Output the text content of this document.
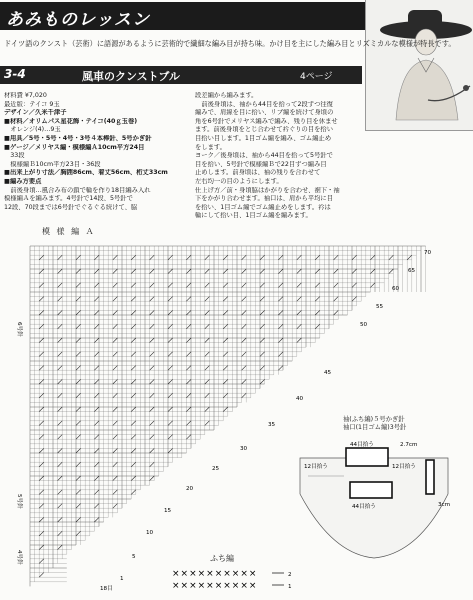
あみものレッスン
ドイツ語のクンスト（芸術）に語源があるように芸術的で繊細な編み目が持ち味。かけ目を主にした編み目とリズミカルな模様が特長です。
3-4	風車のクンストブル	4ページ
材料費 ¥7,020
最近版：テイコ 9玉
デザイン／久米千津子
■材料／オリムパス星花飾・テイコ(40ｇ玉巻)
　オレンジ(4)…9玉
■用具／5号・5号・4号・3号４本棒針、5号かぎ針
■ゲージ／メリヤス編・模様編Ａ10cm平方24目
　33段
　模様編Ｂ10cm平方23目・36段
■出来上がり寸法／胸囲86cm、着丈56cm、桁丈33cm
■編み方要点
　前後身頃…風合み布の鎖で輪を作り18目編み入れ
模様編Ａを編みます。4号針で14段、5号針で
12段、70段までは6号針でぐるぐる続けて、脇
段差編から編みます。
　前後身頃は、袖から44目を拾って2段ずつ往復
編みで、肩線を目に拾い、リブ編を続けて身頃の
角を6号針でメリヤス編みで編み、残り目を休ませ
ます。前後身頃をとじ合わせて衿ぐりの目を拾い
目拾い目します。1目ゴム編を編み、ゴム編止め
をします。
ヨーク／後身頃は、袖から44目を拾って5号針で
目を拾い、5号針で模様編Ｂで22目ずつ編み目
止めします。前身頃は、袖の残りを合わせて
左右均一の目のようにします。
仕上げ方／前・身頃脇はかがりを合わせ、裾下・袖
下をかがり合わせます。袖口は、肩から平均に目
を拾い、1目ゴム編でゴム編止めをします。衿は
輪にして拾い目、1目ゴム編を編みます。
模 様 編 Ａ
70
65
60
55
50
45
40
35
30
25
20
15
10
5
1
6号針
5号針
4号針
18目
袖(ふち編)５号かぎ針
袖口(1目ゴム編)3号針
44目拾う
44目拾う
12目拾う	12目拾う
2.7cm
3cm
ふち編
××××××××××
××××××××××
2
1
